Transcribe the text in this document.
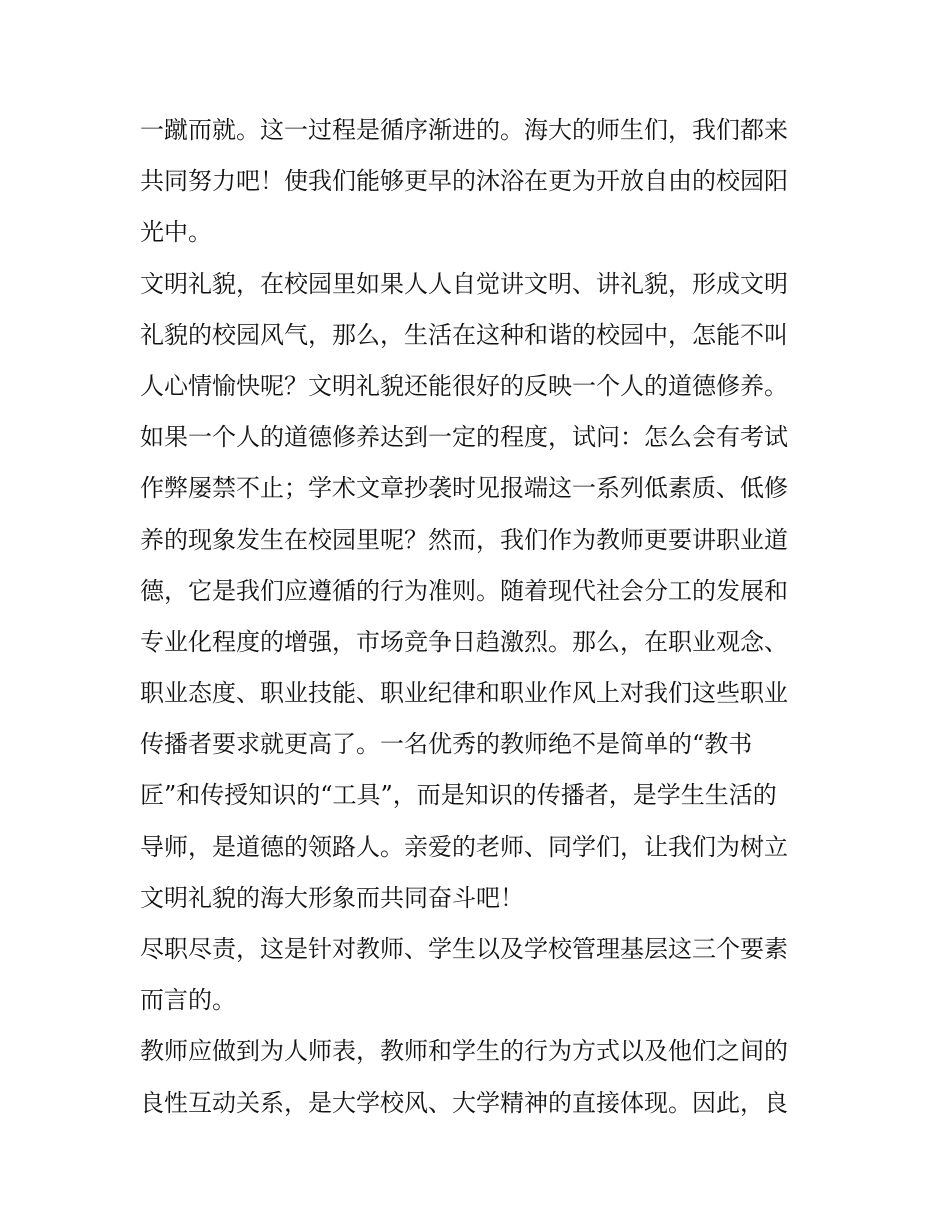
一蹴而就。这一过程是循序渐进的。海大的师生们，我们都来
共同努力吧！使我们能够更早的沐浴在更为开放自由的校园阳
光中。
文明礼貌，在校园里如果人人自觉讲文明、讲礼貌，形成文明
礼貌的校园风气，那么，生活在这种和谐的校园中，怎能不叫
人心情愉快呢？文明礼貌还能很好的反映一个人的道德修养。
如果一个人的道德修养达到一定的程度，试问：怎么会有考试
作弊屡禁不止；学术文章抄袭时见报端这一系列低素质、低修
养的现象发生在校园里呢？然而，我们作为教师更要讲职业道
德，它是我们应遵循的行为准则。随着现代社会分工的发展和
专业化程度的增强，市场竞争日趋激烈。那么，在职业观念、
职业态度、职业技能、职业纪律和职业作风上对我们这些职业
传播者要求就更高了。一名优秀的教师绝不是简单的“教书
匠”和传授知识的“工具”，而是知识的传播者，是学生生活的
导师，是道德的领路人。亲爱的老师、同学们，让我们为树立
文明礼貌的海大形象而共同奋斗吧！
尽职尽责，这是针对教师、学生以及学校管理基层这三个要素
而言的。
教师应做到为人师表，教师和学生的行为方式以及他们之间的
良性互动关系，是大学校风、大学精神的直接体现。因此，良
